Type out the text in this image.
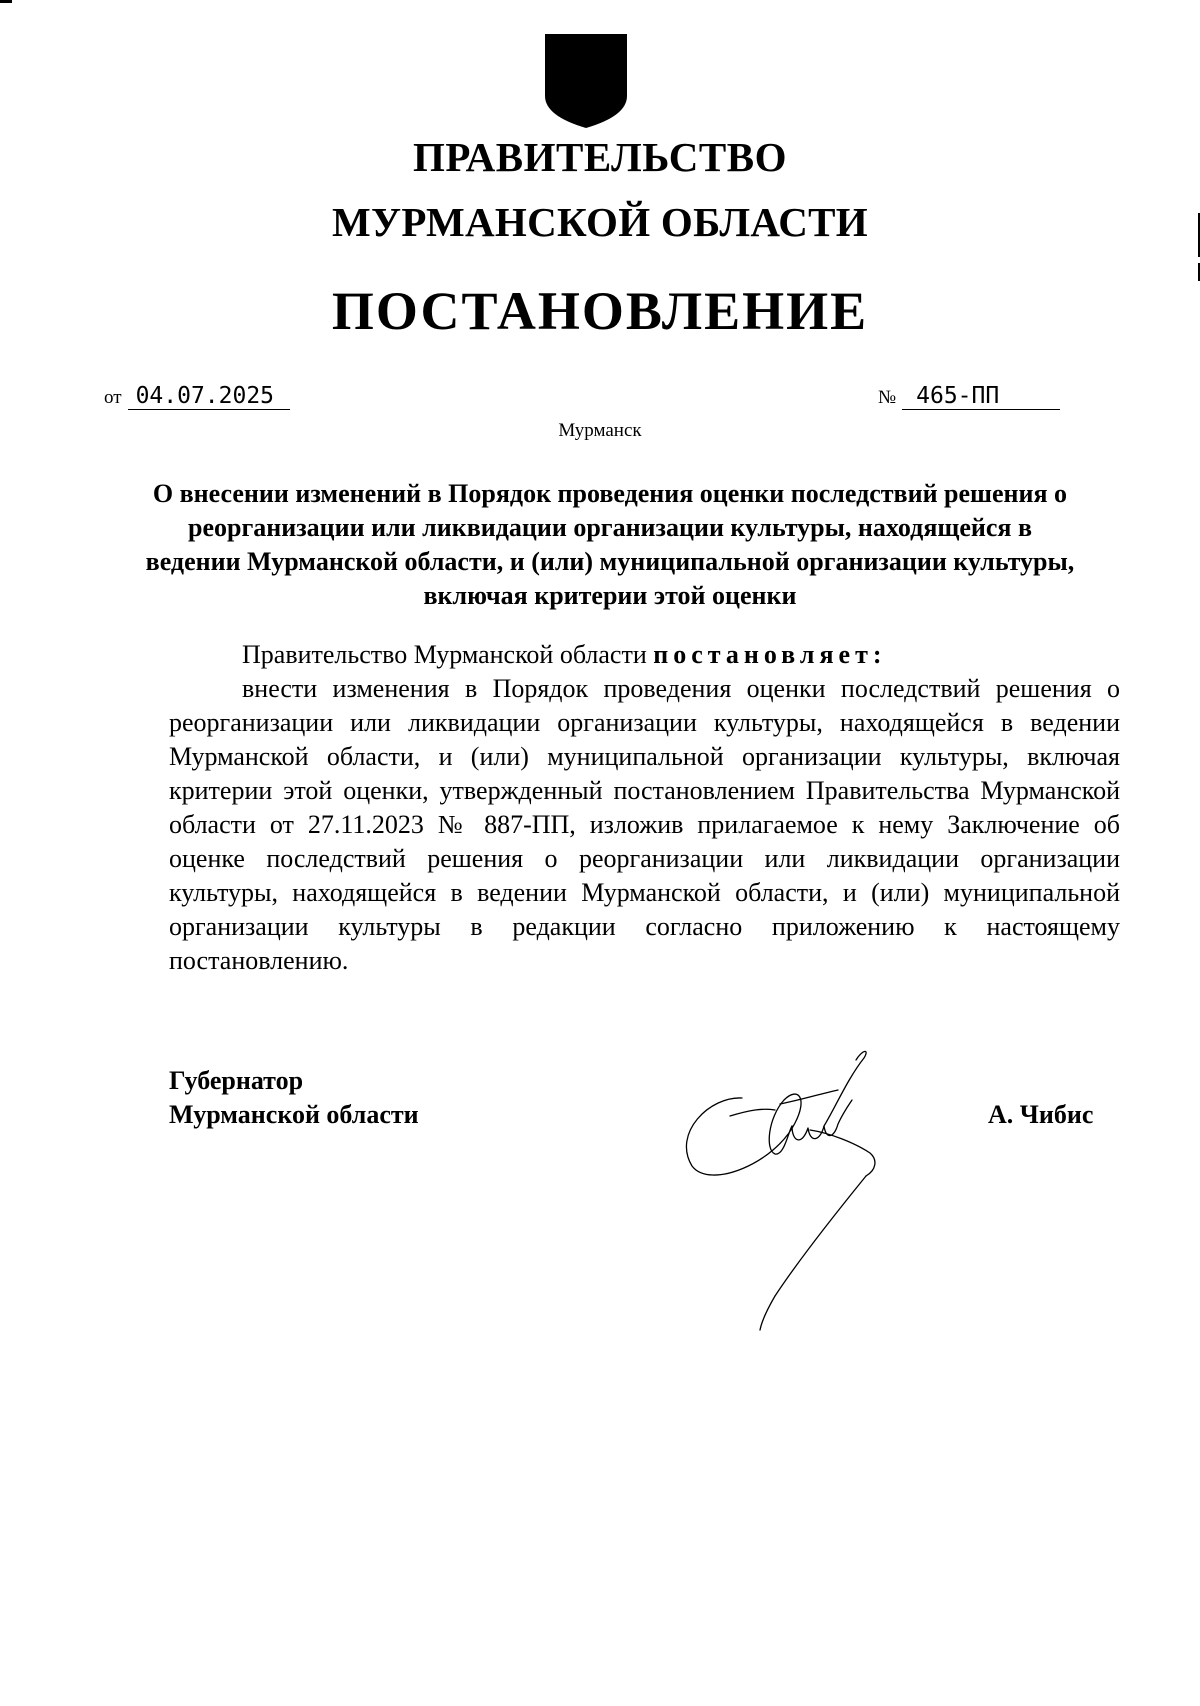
ПРАВИТЕЛЬСТВО
МУРМАНСКОЙ ОБЛАСТИ
ПОСТАНОВЛЕНИЕ
от 04.07.2025	№ 465-ПП
Мурманск
О внесении изменений в Порядок проведения оценки последствий решения о реорганизации или ликвидации организации культуры, находящейся в ведении Мурманской области, и (или) муниципальной организации культуры, включая критерии этой оценки
Правительство Мурманской области постановляет:
внести изменения в Порядок проведения оценки последствий решения о реорганизации или ликвидации организации культуры, находящейся в ведении Мурманской области, и (или) муниципальной организации культуры, включая критерии этой оценки, утвержденный постановлением Правительства Мурманской области от 27.11.2023 № 887-ПП, изложив прилагаемое к нему Заключение об оценке последствий решения о реорганизации или ликвидации организации культуры, находящейся в ведении Мурманской области, и (или) муниципальной организации культуры в редакции согласно приложению к настоящему постановлению.
Губернатор
Мурманской области	А. Чибис
